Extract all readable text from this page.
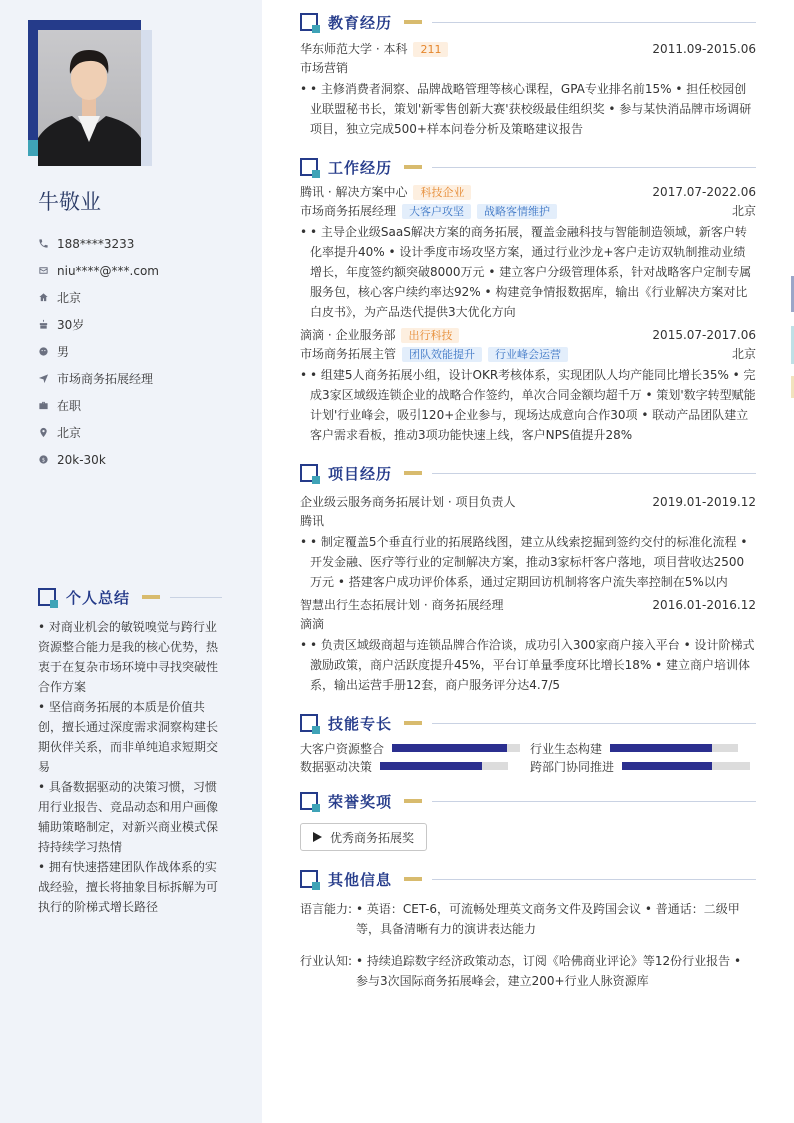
牛敬业
188****3233
niu****@***.com
北京
30岁
男
市场商务拓展经理
在职
北京
$ 20k-30k
个人总结
• 对商业机会的敏锐嗅觉与跨行业资源整合能力是我的核心优势，热衷于在复杂市场环境中寻找突破性合作方案
• 坚信商务拓展的本质是价值共创，擅长通过深度需求洞察构建长期伙伴关系，而非单纯追求短期交易
• 具备数据驱动的决策习惯，习惯用行业报告、竞品动态和用户画像辅助策略制定，对新兴商业模式保持持续学习热情
• 拥有快速搭建团队作战体系的实战经验，擅长将抽象目标拆解为可执行的阶梯式增长路径
教育经历
华东师范大学 · 本科	211	2011.09-2015.06
市场营销
• • 主修消费者洞察、品牌战略管理等核心课程，GPA专业排名前15% • 担任校园创业联盟秘书长，策划'新零售创新大赛'获校级最佳组织奖 • 参与某快消品牌市场调研项目，独立完成500+样本问卷分析及策略建议报告
工作经历
腾讯 · 解决方案中心	科技企业	2017.07-2022.06
市场商务拓展经理	大客户攻坚	战略客情维护	北京
• • 主导企业级SaaS解决方案的商务拓展，覆盖金融科技与智能制造领域，新客户转化率提升40% • 设计季度市场攻坚方案，通过行业沙龙+客户走访双轨制推动业绩增长，年度签约额突破8000万元 • 建立客户分级管理体系，针对战略客户定制专属服务包，核心客户续约率达92% • 构建竞争情报数据库，输出《行业解决方案对比白皮书》，为产品迭代提供3大优化方向
滴滴 · 企业服务部	出行科技	2015.07-2017.06
市场商务拓展主管	团队效能提升	行业峰会运营	北京
• • 组建5人商务拓展小组，设计OKR考核体系，实现团队人均产能同比增长35% • 完成3家区域级连锁企业的战略合作签约，单次合同金额均超千万 • 策划'数字转型赋能计划'行业峰会，吸引120+企业参与，现场达成意向合作30项 • 联动产品团队建立客户需求看板，推动3项功能快速上线，客户NPS值提升28%
项目经历
企业级云服务商务拓展计划 · 项目负责人	2019.01-2019.12
腾讯
• • 制定覆盖5个垂直行业的拓展路线图，建立从线索挖掘到签约交付的标准化流程 • 开发金融、医疗等行业的定制解决方案，推动3家标杆客户落地，项目营收达2500万元 • 搭建客户成功评价体系，通过定期回访机制将客户流失率控制在5%以内
智慧出行生态拓展计划 · 商务拓展经理	2016.01-2016.12
滴滴
• • 负责区域级商超与连锁品牌合作洽谈，成功引入300家商户接入平台 • 设计阶梯式激励政策，商户活跃度提升45%，平台订单量季度环比增长18% • 建立商户培训体系，输出运营手册12套，商户服务评分达4.7/5
技能专长
大客户资源整合	行业生态构建
数据驱动决策	跨部门协同推进
荣誉奖项
优秀商务拓展奖
其他信息
语言能力: • 英语：CET-6，可流畅处理英文商务文件及跨国会议 • 普通话：二级甲等，具备清晰有力的演讲表达能力
行业认知: • 持续追踪数字经济政策动态，订阅《哈佛商业评论》等12份行业报告 • 参与3次国际商务拓展峰会，建立200+行业人脉资源库
